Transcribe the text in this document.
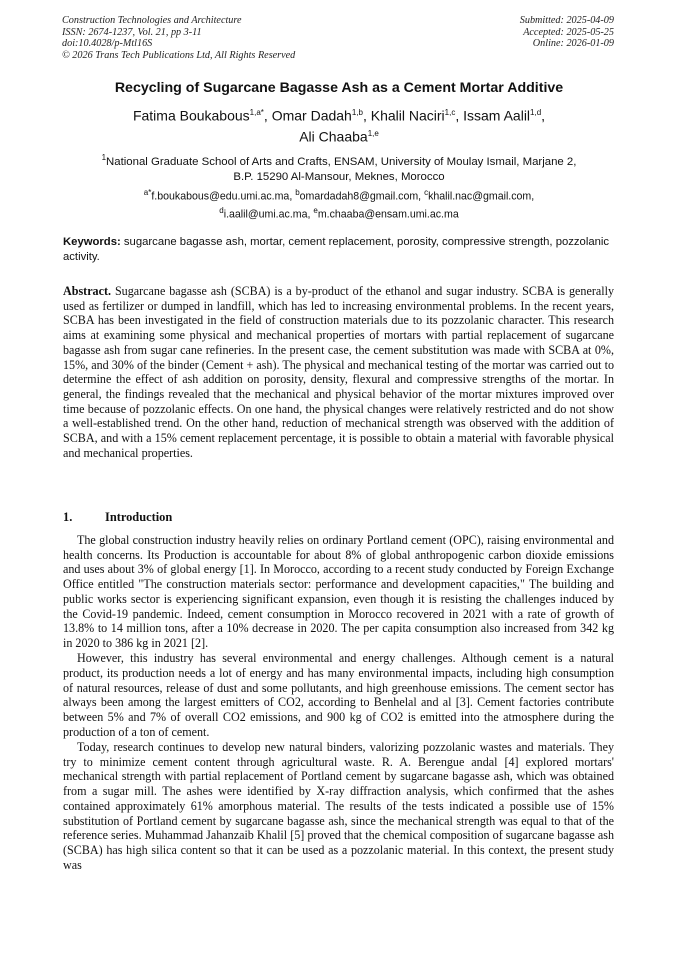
Construction Technologies and Architecture
ISSN: 2674-1237, Vol. 21, pp 3-11
doi:10.4028/p-Mtl16S
© 2026 Trans Tech Publications Ltd, All Rights Reserved
Submitted: 2025-04-09
Accepted: 2025-05-25
Online: 2026-01-09
Recycling of Sugarcane Bagasse Ash as a Cement Mortar Additive
Fatima Boukabous$^{1,a*}$, Omar Dadah$^{1,b}$, Khalil Naciri$^{1,c}$, Issam Aalil$^{1,d}$,
Ali Chaaba$^{1,e}$
$^1$National Graduate School of Arts and Crafts, ENSAM, University of Moulay Ismail, Marjane 2,
B.P. 15290 Al-Mansour, Meknes, Morocco
$^{a*}$f.boukabous@edu.umi.ac.ma, $^b$omardadah8@gmail.com, $^c$khalil.nac@gmail.com,
$^d$i.aalil@umi.ac.ma, $^e$m.chaaba@ensam.umi.ac.ma
Keywords: sugarcane bagasse ash, mortar, cement replacement, porosity, compressive strength, pozzolanic activity.

Abstract. Sugarcane bagasse ash (SCBA) is a by-product of the ethanol and sugar industry. SCBA is generally used as fertilizer or dumped in landfill, which has led to increasing environmental problems. In the recent years, SCBA has been investigated in the field of construction materials due to its pozzolanic character. This research aims at examining some physical and mechanical properties of mortars with partial replacement of sugarcane bagasse ash from sugar cane refineries. In the present case, the cement substitution was made with SCBA at 0%, 15%, and 30% of the binder (Cement + ash). The physical and mechanical testing of the mortar was carried out to determine the effect of ash addition on porosity, density, flexural and compressive strengths of the mortar. In general, the findings revealed that the mechanical and physical behavior of the mortar mixtures improved over time because of pozzolanic effects. On one hand, the physical changes were relatively restricted and do not show a well-established trend. On the other hand, reduction of mechanical strength was observed with the addition of SCBA, and with a 15% cement replacement percentage, it is possible to obtain a material with favorable physical and mechanical properties.

1.	Introduction

The global construction industry heavily relies on ordinary Portland cement (OPC), raising environmental and health concerns. Its Production is accountable for about 8% of global anthropogenic carbon dioxide emissions and uses about 3% of global energy [1]. In Morocco, according to a recent study conducted by Foreign Exchange Office entitled "The construction materials sector: performance and development capacities," The building and public works sector is experiencing significant expansion, even though it is resisting the challenges induced by the Covid-19 pandemic. Indeed, cement consumption in Morocco recovered in 2021 with a rate of growth of 13.8% to 14 million tons, after a 10% decrease in 2020. The per capita consumption also increased from 342 kg in 2020 to 386 kg in 2021 [2].

However, this industry has several environmental and energy challenges. Although cement is a natural product, its production needs a lot of energy and has many environmental impacts, including high consumption of natural resources, release of dust and some pollutants, and high greenhouse emissions. The cement sector has always been among the largest emitters of CO2, according to Benhelal and al [3]. Cement factories contribute between 5% and 7% of overall CO2 emissions, and 900 kg of CO2 is emitted into the atmosphere during the production of a ton of cement.

Today, research continues to develop new natural binders, valorizing pozzolanic wastes and materials. They try to minimize cement content through agricultural waste. R. A. Berengue andal [4] explored mortars' mechanical strength with partial replacement of Portland cement by sugarcane bagasse ash, which was obtained from a sugar mill. The ashes were identified by X-ray diffraction analysis, which confirmed that the ashes contained approximately 61% amorphous material. The results of the tests indicated a possible use of 15% substitution of Portland cement by sugarcane bagasse ash, since the mechanical strength was equal to that of the reference series. Muhammad Jahanzaib Khalil [5] proved that the chemical composition of sugarcane bagasse ash (SCBA) has high silica content so that it can be used as a pozzolanic material. In this context, the present study was
